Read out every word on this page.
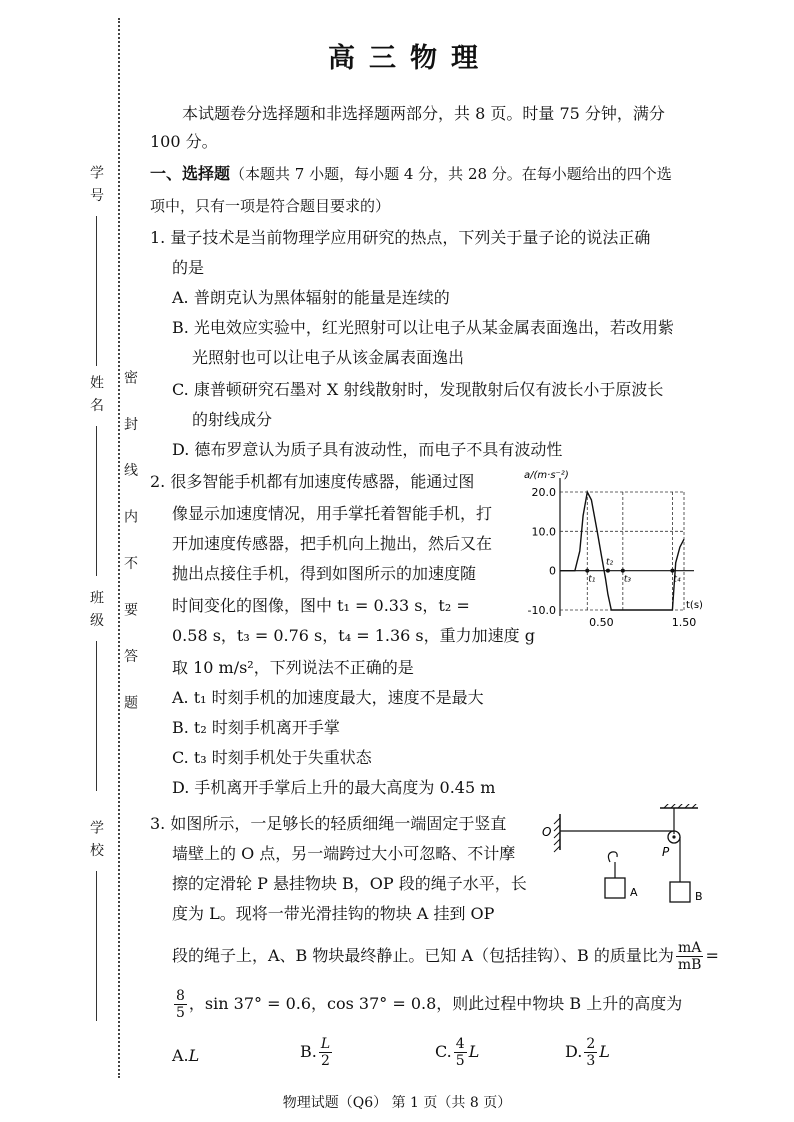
学 校
班 级
姓 名
学 号
密 封 线 内 不 要 答 题
高三物理
本试题卷分选择题和非选择题两部分，共 8 页。时量 75 分钟，满分
100 分。
一、选择题（本题共 7 小题，每小题 4 分，共 28 分。在每小题给出的四个选
项中，只有一项是符合题目要求的）
1. 量子技术是当前物理学应用研究的热点，下列关于量子论的说法正确
的是
A. 普朗克认为黑体辐射的能量是连续的
B. 光电效应实验中，红光照射可以让电子从某金属表面逸出，若改用紫
光照射也可以让电子从该金属表面逸出
C. 康普顿研究石墨对 X 射线散射时，发现散射后仅有波长小于原波长
的射线成分
D. 德布罗意认为质子具有波动性，而电子不具有波动性
2. 很多智能手机都有加速度传感器，能通过图
像显示加速度情况，用手掌托着智能手机，打
开加速度传感器，把手机向上抛出，然后又在
抛出点接住手机，得到如图所示的加速度随
时间变化的图像，图中 t₁ = 0.33 s，t₂ =
0.58 s，t₃ = 0.76 s，t₄ = 1.36 s，重力加速度 g
取 10 m/s²，下列说法不正确的是
A. t₁ 时刻手机的加速度最大，速度不是最大
B. t₂ 时刻手机离开手掌
C. t₃ 时刻手机处于失重状态
D. 手机离开手掌后上升的最大高度为 0.45 m
3. 如图所示，一足够长的轻质细绳一端固定于竖直
墙壁上的 O 点，另一端跨过大小可忽略、不计摩
擦的定滑轮 P 悬挂物块 B，OP 段的绳子水平，长
度为 L。现将一带光滑挂钩的物块 A 挂到 OP
段的绳子上，A、B 物块最终静止。已知 A（包括挂钩）、B 的质量比为 $\frac{mA}{mB}$ =
$\frac{8}{5}$ ，sin 37° = 0.6，cos 37° = 0.8，则此过程中物块 B 上升的高度为
A.L	B. $\frac{L}{2}$	C. $\frac{4}{5}$ L	D. $\frac{2}{3}$ L
a/(m·s⁻²)
t(s)
20.0
10.0
0
-10.0
0.50	1.50
t₁
t₂
t₃	t₄
O
P
A	B
物理试题（Q6） 第 1 页（共 8 页）
